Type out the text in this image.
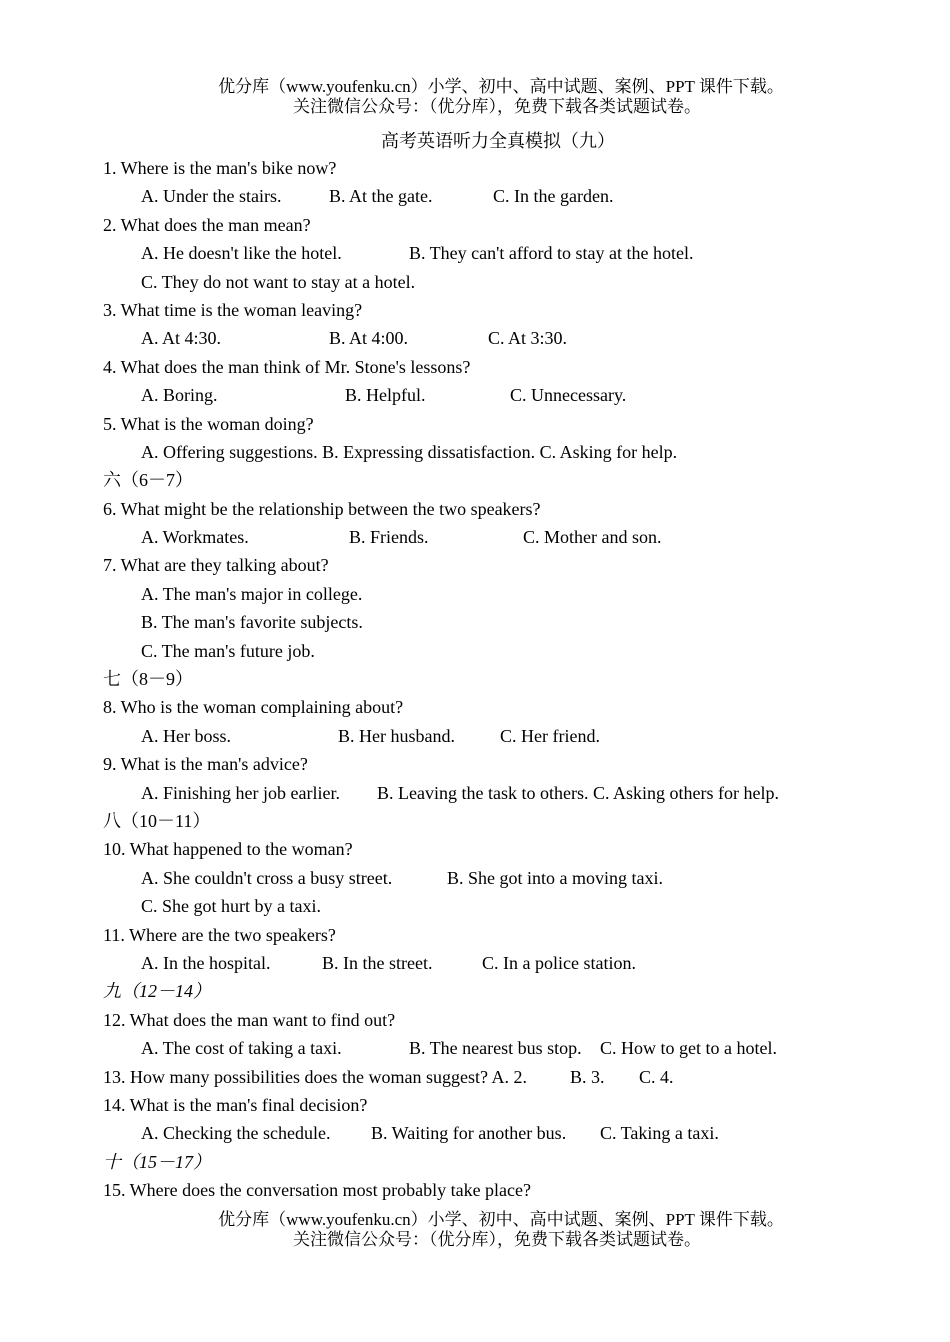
优分库（www.youfenku.cn）小学、初中、高中试题、案例、PPT 课件下载。
关注微信公众号：（优分库），免费下载各类试题试卷。
高考英语听力全真模拟（九）
1. Where is the man's bike now?
A. Under the stairs.	B. At the gate.	C. In the garden.
2. What does the man mean?
A. He doesn't like the hotel.	B. They can't afford to stay at the hotel.
C. They do not want to stay at a hotel.
3. What time is the woman leaving?
A. At 4:30.	B. At 4:00.	C. At 3:30.
4. What does the man think of Mr. Stone's lessons?
A. Boring.	B. Helpful.	C. Unnecessary.
5. What is the woman doing?
A. Offering suggestions. B. Expressing dissatisfaction. C. Asking for help.
六（6－7）
6. What might be the relationship between the two speakers?
A. Workmates.	B. Friends.	C. Mother and son.
7. What are they talking about?
A. The man's major in college.
B. The man's favorite subjects.
C. The man's future job.
七（8－9）
8. Who is the woman complaining about?
A. Her boss.	B. Her husband.	C. Her friend.
9. What is the man's advice?
A. Finishing her job earlier. B. Leaving the task to others. C. Asking others for help.
八（10－11）
10. What happened to the woman?
A. She couldn't cross a busy street.	B. She got into a moving taxi.
C. She got hurt by a taxi.
11. Where are the two speakers?
A. In the hospital.	B. In the street.	C. In a police station.
九（12－14）
12. What does the man want to find out?
A. The cost of taking a taxi.	B. The nearest bus stop. C. How to get to a hotel.
13. How many possibilities does the woman suggest? A. 2. B. 3. C. 4.
14. What is the man's final decision?
A. Checking the schedule. B. Waiting for another bus. C. Taking a taxi.
十（15－17）
15. Where does the conversation most probably take place?
优分库（www.youfenku.cn）小学、初中、高中试题、案例、PPT 课件下载。
关注微信公众号：（优分库），免费下载各类试题试卷。
